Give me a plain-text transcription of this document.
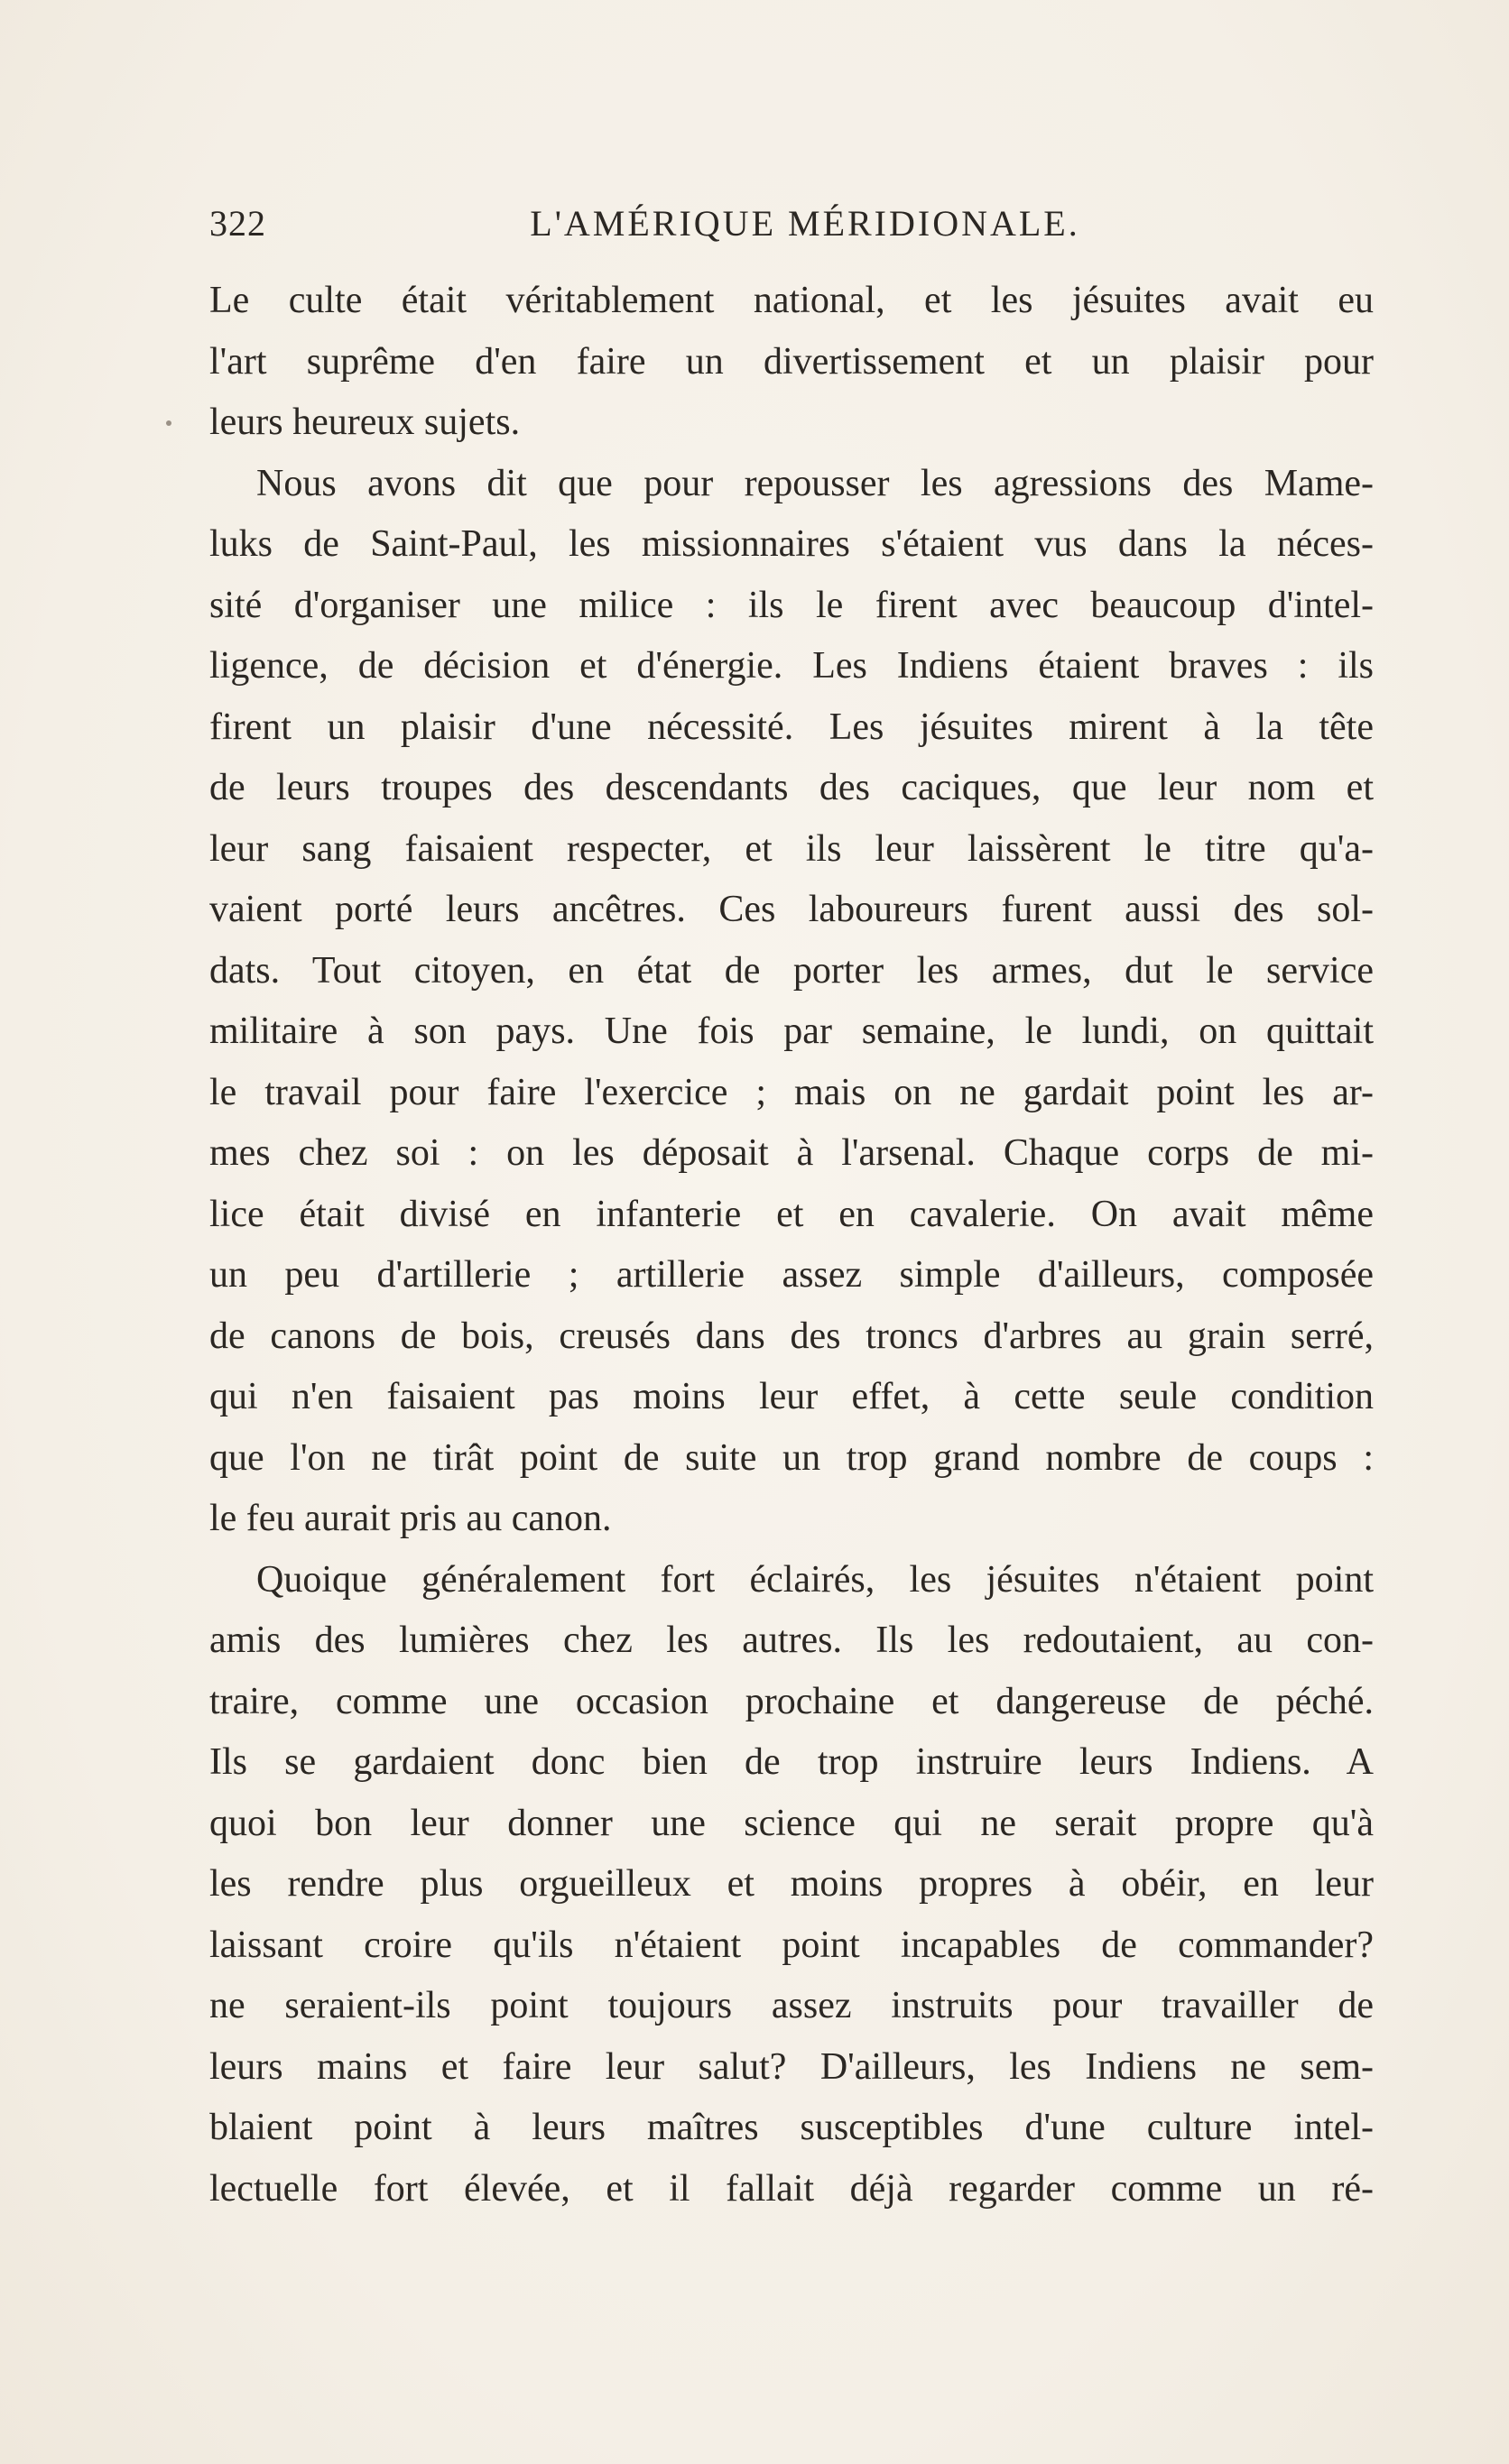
322	L'AMÉRIQUE MÉRIDIONALE.
Le culte était véritablement national, et les jésuites avait eu
l'art suprême d'en faire un divertissement et un plaisir pour
leurs heureux sujets.
Nous avons dit que pour repousser les agressions des Mame-
luks de Saint-Paul, les missionnaires s'étaient vus dans la néces-
sité d'organiser une milice : ils le firent avec beaucoup d'intel-
ligence, de décision et d'énergie. Les Indiens étaient braves : ils
firent un plaisir d'une nécessité. Les jésuites mirent à la tête
de leurs troupes des descendants des caciques, que leur nom et
leur sang faisaient respecter, et ils leur laissèrent le titre qu'a-
vaient porté leurs ancêtres. Ces laboureurs furent aussi des sol-
dats. Tout citoyen, en état de porter les armes, dut le service
militaire à son pays. Une fois par semaine, le lundi, on quittait
le travail pour faire l'exercice ; mais on ne gardait point les ar-
mes chez soi : on les déposait à l'arsenal. Chaque corps de mi-
lice était divisé en infanterie et en cavalerie. On avait même
un peu d'artillerie ; artillerie assez simple d'ailleurs, composée
de canons de bois, creusés dans des troncs d'arbres au grain serré,
qui n'en faisaient pas moins leur effet, à cette seule condition
que l'on ne tirât point de suite un trop grand nombre de coups :
le feu aurait pris au canon.
Quoique généralement fort éclairés, les jésuites n'étaient point
amis des lumières chez les autres. Ils les redoutaient, au con-
traire, comme une occasion prochaine et dangereuse de péché.
Ils se gardaient donc bien de trop instruire leurs Indiens. A
quoi bon leur donner une science qui ne serait propre qu'à
les rendre plus orgueilleux et moins propres à obéir, en leur
laissant croire qu'ils n'étaient point incapables de commander?
ne seraient-ils point toujours assez instruits pour travailler de
leurs mains et faire leur salut? D'ailleurs, les Indiens ne sem-
blaient point à leurs maîtres susceptibles d'une culture intel-
lectuelle fort élevée, et il fallait déjà regarder comme un ré-
